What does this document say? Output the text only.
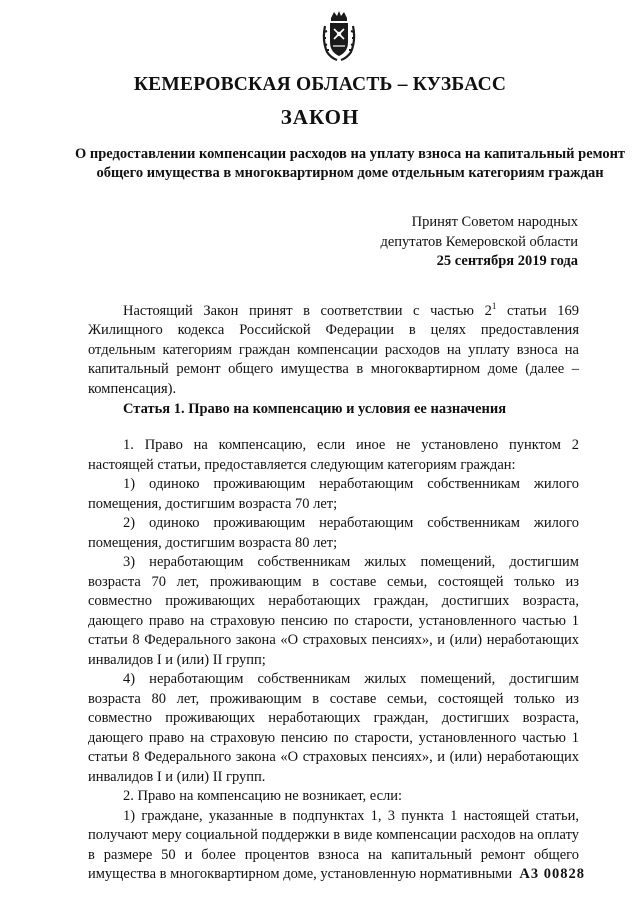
КЕМЕРОВСКАЯ ОБЛАСТЬ – КУЗБАСС
ЗАКОН
О предоставлении компенсации расходов на уплату взноса на капитальный ремонт общего имущества в многоквартирном доме отдельным категориям граждан
Принят Советом народных
депутатов Кемеровской области
25 сентября 2019 года

Настоящий Закон принят в соответствии с частью $2^1$ статьи 169 Жилищного кодекса Российской Федерации в целях предоставления отдельным категориям граждан компенсации расходов на уплату взноса на капитальный ремонт общего имущества в многоквартирном доме (далее – компенсация).

Статья 1. Право на компенсацию и условия ее назначения

1. Право на компенсацию, если иное не установлено пунктом 2 настоящей статьи, предоставляется следующим категориям граждан:

1) одиноко проживающим неработающим собственникам жилого помещения, достигшим возраста 70 лет;

2) одиноко проживающим неработающим собственникам жилого помещения, достигшим возраста 80 лет;

3) неработающим собственникам жилых помещений, достигшим возраста 70 лет, проживающим в составе семьи, состоящей только из совместно проживающих неработающих граждан, достигших возраста, дающего право на страховую пенсию по старости, установленного частью 1 статьи 8 Федерального закона «О страховых пенсиях», и (или) неработающих инвалидов I и (или) II групп;

4) неработающим собственникам жилых помещений, достигшим возраста 80 лет, проживающим в составе семьи, состоящей только из совместно проживающих неработающих граждан, достигших возраста, дающего право на страховую пенсию по старости, установленного частью 1 статьи 8 Федерального закона «О страховых пенсиях», и (или) неработающих инвалидов I и (или) II групп.

2. Право на компенсацию не возникает, если:

1) граждане, указанные в подпунктах 1, 3 пункта 1 настоящей статьи, получают меру социальной поддержки в виде компенсации расходов на оплату в размере 50 и более процентов взноса на капитальный ремонт общего имущества в многоквартирном доме, установленную нормативными А3 00828
